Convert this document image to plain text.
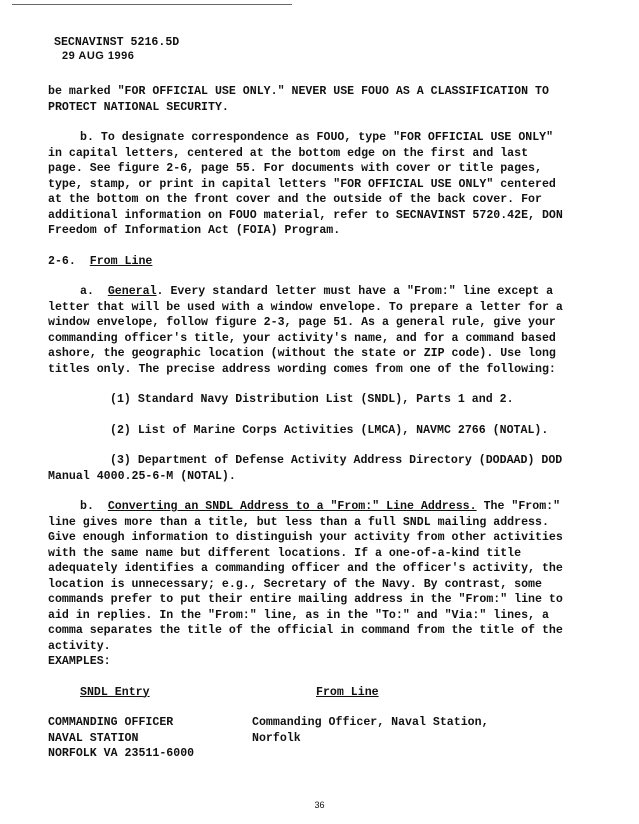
SECNAVINST 5216.5D
29 AUG 1996

be marked "FOR OFFICIAL USE ONLY." NEVER USE FOUO AS A CLASSIFICATION TO PROTECT NATIONAL SECURITY.

b. To designate correspondence as FOUO, type "FOR OFFICIAL USE ONLY" in capital letters, centered at the bottom edge on the first and last page. See figure 2-6, page 55. For documents with cover or title pages, type, stamp, or print in capital letters "FOR OFFICIAL USE ONLY" centered at the bottom on the front cover and the outside of the back cover. For additional information on FOUO material, refer to SECNAVINST 5720.42E, DON Freedom of Information Act (FOIA) Program.

2-6. From Line

a. General. Every standard letter must have a "From:" line except a letter that will be used with a window envelope. To prepare a letter for a window envelope, follow figure 2-3, page 51. As a general rule, give your commanding officer's title, your activity's name, and for a command based ashore, the geographic location (without the state or ZIP code). Use long titles only. The precise address wording comes from one of the following:

(1) Standard Navy Distribution List (SNDL), Parts 1 and 2.

(2) List of Marine Corps Activities (LMCA), NAVMC 2766 (NOTAL).

(3) Department of Defense Activity Address Directory (DODAAD) DOD Manual 4000.25-6-M (NOTAL).

b. Converting an SNDL Address to a "From:" Line Address. The "From:" line gives more than a title, but less than a full SNDL mailing address. Give enough information to distinguish your activity from other activities with the same name but different locations. If a one-of-a-kind title adequately identifies a commanding officer and the officer's activity, the location is unnecessary; e.g., Secretary of the Navy. By contrast, some commands prefer to put their entire mailing address in the "From:" line to aid in replies. In the "From:" line, as in the "To:" and "Via:" lines, a comma separates the title of the official in command from the title of the activity.

EXAMPLES:

SNDL Entry
COMMANDING OFFICER
NAVAL STATION
NORFOLK VA 23511-6000
From Line
Commanding Officer, Naval Station,
Norfolk
36
